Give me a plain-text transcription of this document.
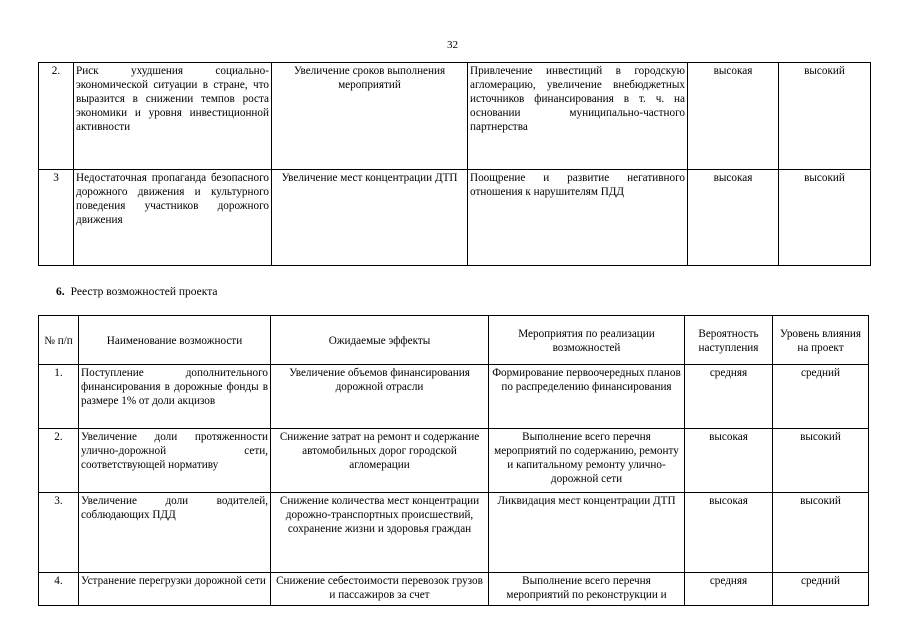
32
2.	Риск ухудшения социально-экономической ситуации в стране, что выразится в снижении темпов роста экономики и уровня инвестиционной активности	Увеличение сроков выполнения мероприятий	Привлечение инвестиций в городскую агломерацию, увеличение внебюджетных источников финансирования в т. ч. на основании муниципально-частного партнерства	высокая	высокий
3	Недостаточная пропаганда безопасного дорожного движения и культурного поведения участников дорожного движения	Увеличение мест концентрации ДТП	Поощрение и развитие негативного отношения к нарушителям ПДД	высокая	высокий
6. Реестр возможностей проекта
№ п/п	Наименование возможности	Ожидаемые эффекты	Мероприятия по реализации возможностей	Вероятность наступления	Уровень влияния на проект
1.	Поступление дополнительного финансирования в дорожные фонды в размере 1% от доли акцизов	Увеличение объемов финансирования дорожной отрасли	Формирование первоочередных планов по распределению финансирования	средняя	средний
2.	Увеличение доли протяженности улично-дорожной сети, соответствующей нормативу	Снижение затрат на ремонт и содержание автомобильных дорог городской агломерации	Выполнение всего перечня мероприятий по содержанию, ремонту и капитальному ремонту улично-дорожной сети	высокая	высокий
3.	Увеличение доли водителей, соблюдающих ПДД	Снижение количества мест концентрации дорожно-транспортных происшествий, сохранение жизни и здоровья граждан	Ликвидация мест концентрации ДТП	высокая	высокий
4.	Устранение перегрузки дорожной сети	Снижение себестоимости перевозок грузов и пассажиров за счет	Выполнение всего перечня мероприятий по реконструкции и	средняя	средний
